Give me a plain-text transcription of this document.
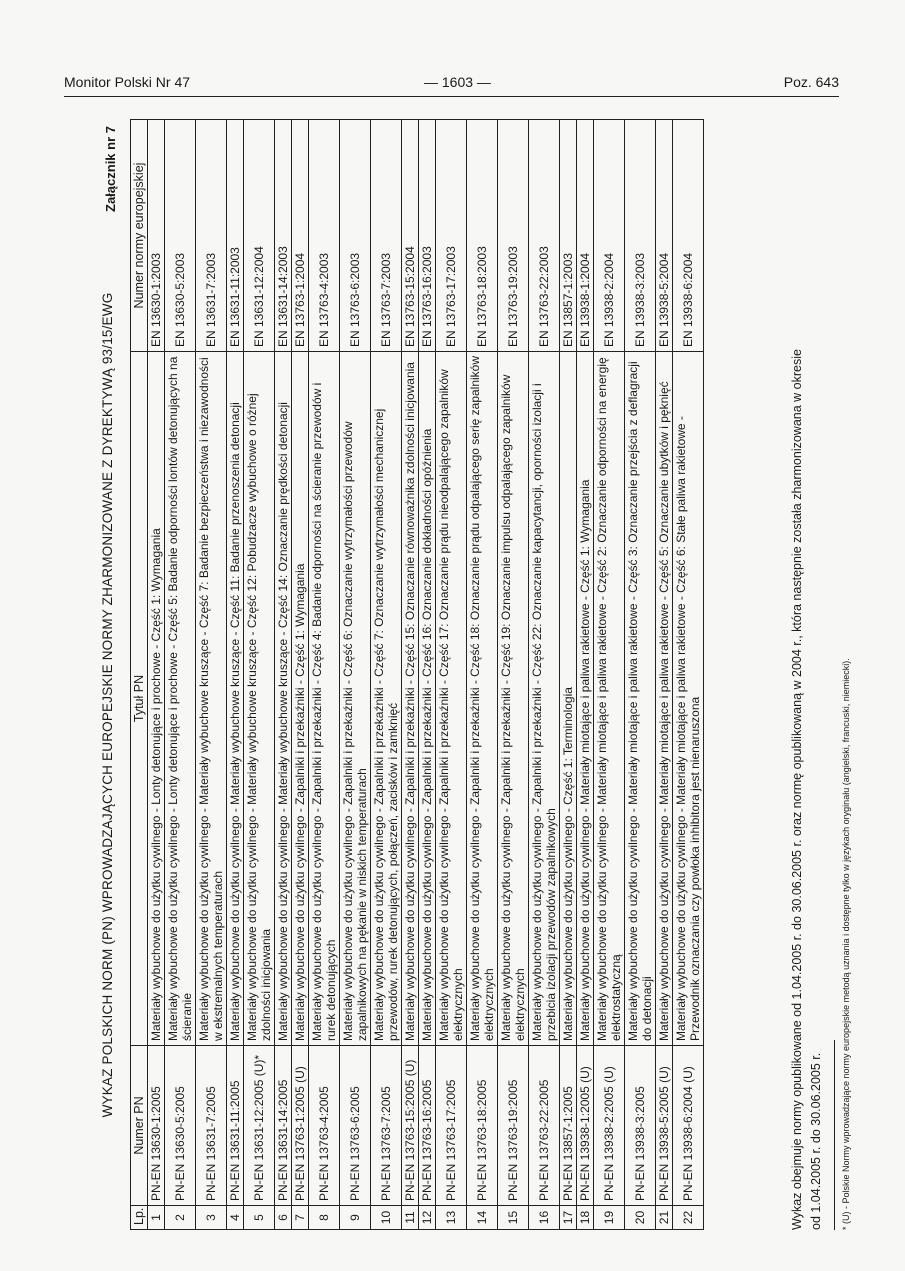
Monitor Polski Nr 47	— 1603 —	Poz. 643
Załącznik nr 7
WYKAZ POLSKICH NORM (PN) WPROWADZAJĄCYCH EUROPEJSKIE NORMY ZHARMONIZOWANE Z DYREKTYWĄ 93/15/EWG
Lp.	Numer PN	Tytuł PN	Numer normy europejskiej
1	PN-EN 13630-1:2005	Materiały wybuchowe do użytku cywilnego - Lonty detonujące i prochowe - Część 1: Wymagania	EN 13630-1:2003
2	PN-EN 13630-5:2005	Materiały wybuchowe do użytku cywilnego - Lonty detonujące i prochowe - Część 5: Badanie odporności lontów detonujących na ścieranie	EN 13630-5:2003
3	PN-EN 13631-7:2005	Materiały wybuchowe do użytku cywilnego - Materiały wybuchowe kruszące - Część 7: Badanie bezpieczeństwa i niezawodności w ekstremalnych temperaturach	EN 13631-7:2003
4	PN-EN 13631-11:2005	Materiały wybuchowe do użytku cywilnego - Materiały wybuchowe kruszące - Część 11: Badanie przenoszenia detonacji	EN 13631-11:2003
5	PN-EN 13631-12:2005 (U)*	Materiały wybuchowe do użytku cywilnego - Materiały wybuchowe kruszące - Część 12: Pobudzacze wybuchowe o różnej zdolności inicjowania	EN 13631-12:2004
6	PN-EN 13631-14:2005	Materiały wybuchowe do użytku cywilnego - Materiały wybuchowe kruszące - Część 14: Oznaczanie prędkości detonacji	EN 13631-14:2003
7	PN-EN 13763-1:2005 (U)	Materiały wybuchowe do użytku cywilnego - Zapalniki i przekaźniki - Część 1: Wymagania	EN 13763-1:2004
8	PN-EN 13763-4:2005	Materiały wybuchowe do użytku cywilnego - Zapalniki i przekaźniki - Część 4: Badanie odporności na ścieranie przewodów i rurek detonujących	EN 13763-4:2003
9	PN-EN 13763-6:2005	Materiały wybuchowe do użytku cywilnego - Zapalniki i przekaźniki - Część 6: Oznaczanie wytrzymałości przewodów zapalnikowych na pękanie w niskich temperaturach	EN 13763-6:2003
10	PN-EN 13763-7:2005	Materiały wybuchowe do użytku cywilnego - Zapalniki i przekaźniki - Część 7: Oznaczanie wytrzymałości mechanicznej przewodów, rurek detonujących, połączeń, zacisków i zamknięć	EN 13763-7:2003
11	PN-EN 13763-15:2005 (U)	Materiały wybuchowe do użytku cywilnego - Zapalniki i przekaźniki - Część 15: Oznaczanie równoważnika zdolności inicjowania	EN 13763-15:2004
12	PN-EN 13763-16:2005	Materiały wybuchowe do użytku cywilnego - Zapalniki i przekaźniki - Część 16: Oznaczanie dokładności opóźnienia	EN 13763-16:2003
13	PN-EN 13763-17:2005	Materiały wybuchowe do użytku cywilnego - Zapalniki i przekaźniki - Część 17: Oznaczanie prądu nieodpalającego zapalników elektrycznych	EN 13763-17:2003
14	PN-EN 13763-18:2005	Materiały wybuchowe do użytku cywilnego - Zapalniki i przekaźniki - Część 18: Oznaczanie prądu odpalającego serię zapalników elektrycznych	EN 13763-18:2003
15	PN-EN 13763-19:2005	Materiały wybuchowe do użytku cywilnego - Zapalniki i przekaźniki - Część 19: Oznaczanie impulsu odpalającego zapalników elektrycznych	EN 13763-19:2003
16	PN-EN 13763-22:2005	Materiały wybuchowe do użytku cywilnego - Zapalniki i przekaźniki - Część 22: Oznaczanie kapacytancji, oporności izolacji i przebicia izolacji przewodów zapalnikowych	EN 13763-22:2003
17	PN-EN 13857-1:2005	Materiały wybuchowe do użytku cywilnego - Część 1: Terminologia	EN 13857-1:2003
18	PN-EN 13938-1:2005 (U)	Materiały wybuchowe do użytku cywilnego - Materiały miotające i paliwa rakietowe - Część 1: Wymagania	EN 13938-1:2004
19	PN-EN 13938-2:2005 (U)	Materiały wybuchowe do użytku cywilnego - Materiały miotające i paliwa rakietowe - Część 2: Oznaczanie odporności na energię elektrostatyczną	EN 13938-2:2004
20	PN-EN 13938-3:2005	Materiały wybuchowe do użytku cywilnego - Materiały miotające i paliwa rakietowe - Część 3: Oznaczanie przejścia z deflagracji do detonacji	EN 13938-3:2003
21	PN-EN 13938-5:2005 (U)	Materiały wybuchowe do użytku cywilnego - Materiały miotające i paliwa rakietowe - Część 5: Oznaczanie ubytków i pęknięć	EN 13938-5:2004
22	PN-EN 13938-6:2004 (U)	Materiały wybuchowe do użytku cywilnego - Materiały miotające i paliwa rakietowe - Część 6: Stałe paliwa rakietowe - Przewodnik oznaczania czy powłoka inhibitora jest nienaruszona	EN 13938-6:2004
Wykaz obejmuje normy opublikowane od 1.04.2005 r. do 30.06.2005 r. oraz normę opublikowaną w 2004 r., która następnie została zharmonizowana w okresie od 1.04.2005 r. do 30.06.2005 r.	* (U) - Polskie Normy wprowadzające normy europejskie metodą uznania i dostępne tylko w językach oryginału (angielski, francuski, niemiecki).
